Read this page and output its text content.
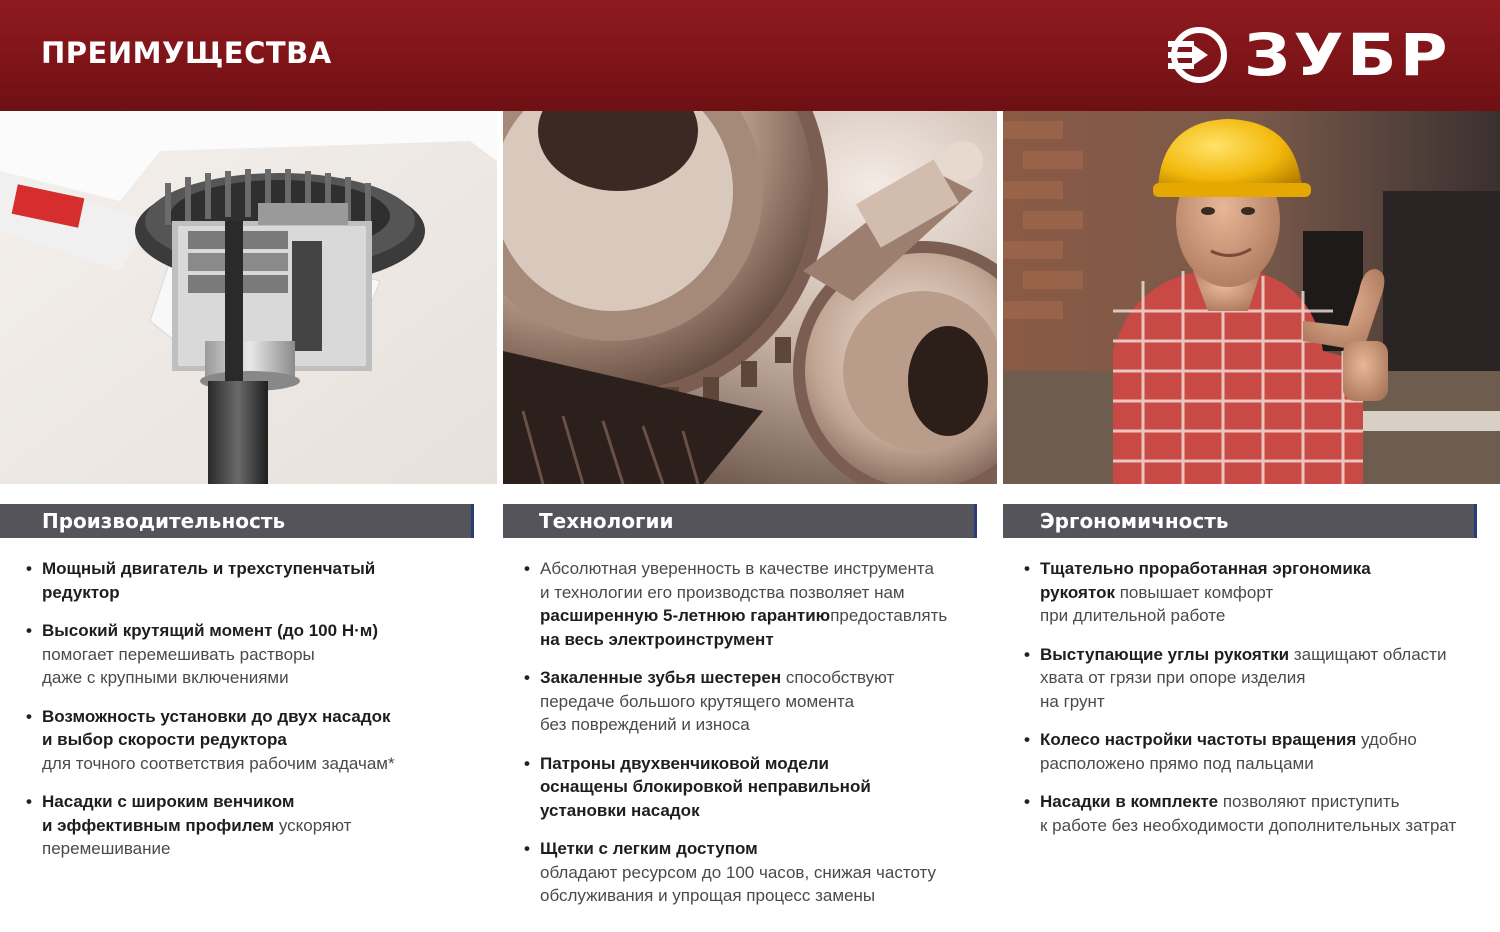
ПРЕИМУЩЕСТВА	ЗУБР
Производительность	Технологии	Эргономичность
• Мощный двигатель и трехступенчатый
редуктор
• Высокий крутящий момент (до 100 Н·м)
помогает перемешивать растворы
даже с крупными включениями
• Возможность установки до двух насадок
и выбор скорости редуктора
для точного соответствия рабочим задачам*
• Насадки с широким венчиком
и эффективным профилем ускоряют
перемешивание
• Абсолютная уверенность в качестве инструмента
и технологии его производства позволяет нам
расширенную 5-летнюю гарантиюпредоставлять
на весь электроинструмент
• Закаленные зубья шестерен способствуют
передаче большого крутящего момента
без повреждений и износа
• Патроны двухвенчиковой модели
оснащены блокировкой неправильной
установки насадок
• Щетки с легким доступом
обладают ресурсом до 100 часов, снижая частоту
обслуживания и упрощая процесс замены
• Тщательно проработанная эргономика
рукояток повышает комфорт
при длительной работе
• Выступающие углы рукоятки защищают области
хвата от грязи при опоре изделия
на грунт
• Колесо настройки частоты вращения удобно
расположено прямо под пальцами
• Насадки в комплекте позволяют приступить
к работе без необходимости дополнительных затрат
